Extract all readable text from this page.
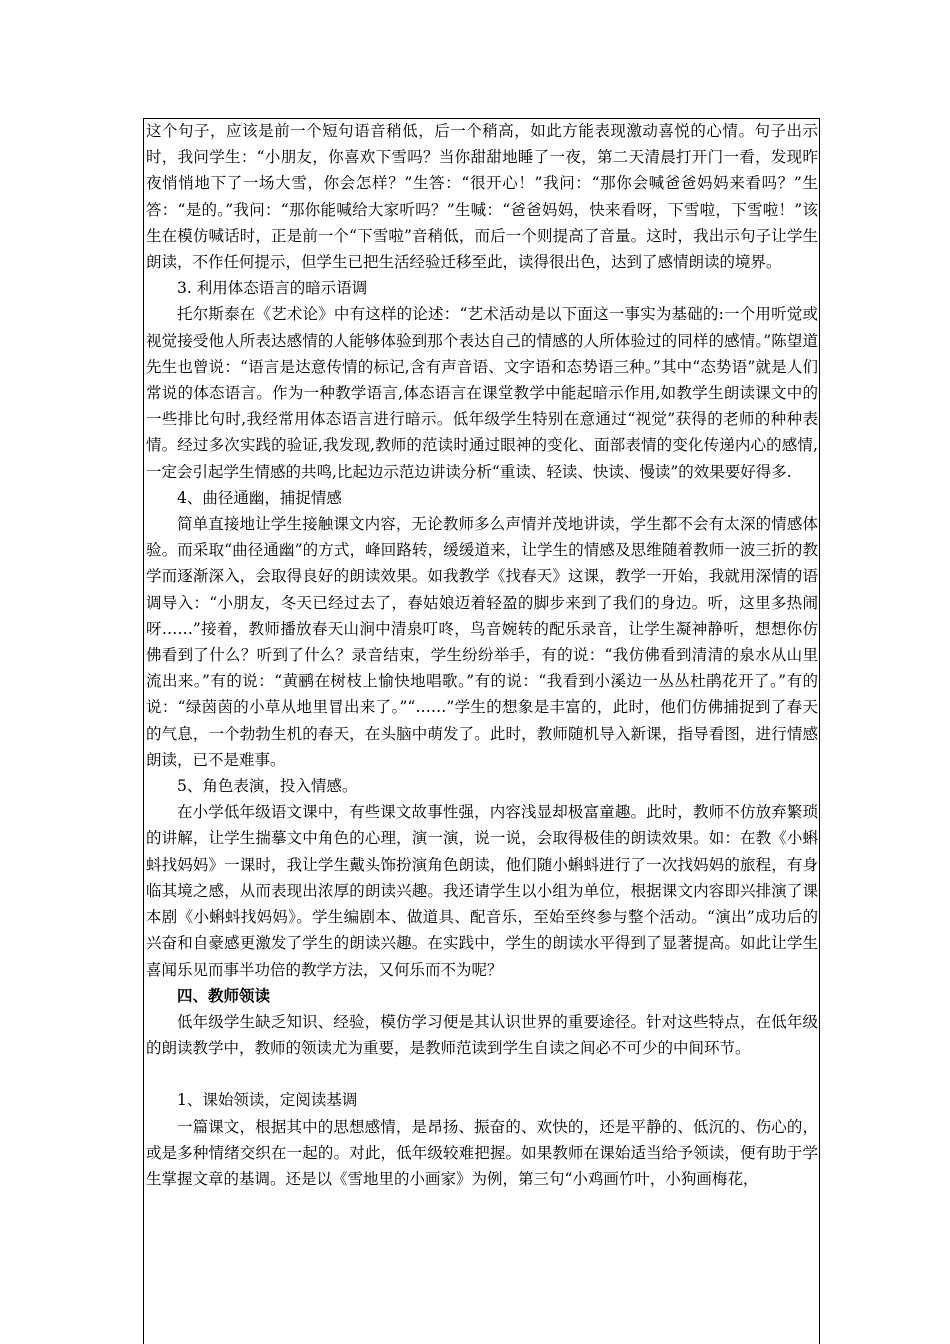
这个句子，应该是前一个短句语音稍低，后一个稍高，如此方能表现激动喜悦的心情。句子出示时，我问学生：“小朋友，你喜欢下雪吗？当你甜甜地睡了一夜，第二天清晨打开门一看，发现昨夜悄悄地下了一场大雪，你会怎样？”生答：“很开心！”我问：“那你会喊爸爸妈妈来看吗？”生答：“是的。”我问：“那你能喊给大家听吗？”生喊：“爸爸妈妈，快来看呀，下雪啦，下雪啦！”该生在模仿喊话时，正是前一个“下雪啦”音稍低，而后一个则提高了音量。这时，我出示句子让学生朗读，不作任何提示，但学生已把生活经验迁移至此，读得很出色，达到了感情朗读的境界。

3. 利用体态语言的暗示语调

托尔斯泰在《艺术论》中有这样的论述：“艺术活动是以下面这一事实为基础的:一个用听觉或视觉接受他人所表达感情的人能够体验到那个表达自己的情感的人所体验过的同样的感情。”陈望道先生也曾说：“语言是达意传情的标记,含有声音语、文字语和态势语三种。”其中“态势语”就是人们常说的体态语言。作为一种教学语言,体态语言在课堂教学中能起暗示作用,如教学生朗读课文中的一些排比句时,我经常用体态语言进行暗示。低年级学生特别在意通过“视觉”获得的老师的种种表情。经过多次实践的验证,我发现,教师的范读时通过眼神的变化、面部表情的变化传递内心的感情,一定会引起学生情感的共鸣,比起边示范边讲读分析“重读、轻读、快读、慢读”的效果要好得多.

4、曲径通幽，捕捉情感

简单直接地让学生接触课文内容，无论教师多么声情并茂地讲读，学生都不会有太深的情感体验。而采取“曲径通幽”的方式，峰回路转，缓缓道来，让学生的情感及思维随着教师一波三折的教学而逐渐深入，会取得良好的朗读效果。如我教学《找春天》这课，教学一开始，我就用深情的语调导入：“小朋友，冬天已经过去了，春姑娘迈着轻盈的脚步来到了我们的身边。听，这里多热闹呀……”接着，教师播放春天山涧中清泉叮咚，鸟音婉转的配乐录音，让学生凝神静听，想想你仿佛看到了什么？听到了什么？录音结束，学生纷纷举手，有的说：“我仿佛看到清清的泉水从山里流出来。”有的说：“黄鹂在树枝上愉快地唱歌。”有的说：“我看到小溪边一丛丛杜鹃花开了。”有的说：“绿茵茵的小草从地里冒出来了。”“……”学生的想象是丰富的，此时，他们仿佛捕捉到了春天的气息，一个勃勃生机的春天，在头脑中萌发了。此时，教师随机导入新课，指导看图，进行情感朗读，已不是难事。

5、角色表演，投入情感。

在小学低年级语文课中，有些课文故事性强，内容浅显却极富童趣。此时，教师不仿放弃繁琐的讲解，让学生揣摹文中角色的心理，演一演，说一说，会取得极佳的朗读效果。如：在教《小蝌蚪找妈妈》一课时，我让学生戴头饰扮演角色朗读，他们随小蝌蚪进行了一次找妈妈的旅程，有身临其境之感，从而表现出浓厚的朗读兴趣。我还请学生以小组为单位，根据课文内容即兴排演了课本剧《小蝌蚪找妈妈》。学生编剧本、做道具、配音乐，至始至终参与整个活动。“演出”成功后的兴奋和自豪感更激发了学生的朗读兴趣。在实践中，学生的朗读水平得到了显著提高。如此让学生喜闻乐见而事半功倍的教学方法，又何乐而不为呢？

四、教师领读

低年级学生缺乏知识、经验，模仿学习便是其认识世界的重要途径。针对这些特点，在低年级的朗读教学中，教师的领读尤为重要，是教师范读到学生自读之间必不可少的中间环节。

1、课始领读，定阅读基调

一篇课文，根据其中的思想感情，是昂扬、振奋的、欢快的，还是平静的、低沉的、伤心的，或是多种情绪交织在一起的。对此，低年级较难把握。如果教师在课始适当给予领读，便有助于学生掌握文章的基调。还是以《雪地里的小画家》为例，第三句“小鸡画竹叶，小狗画梅花，
